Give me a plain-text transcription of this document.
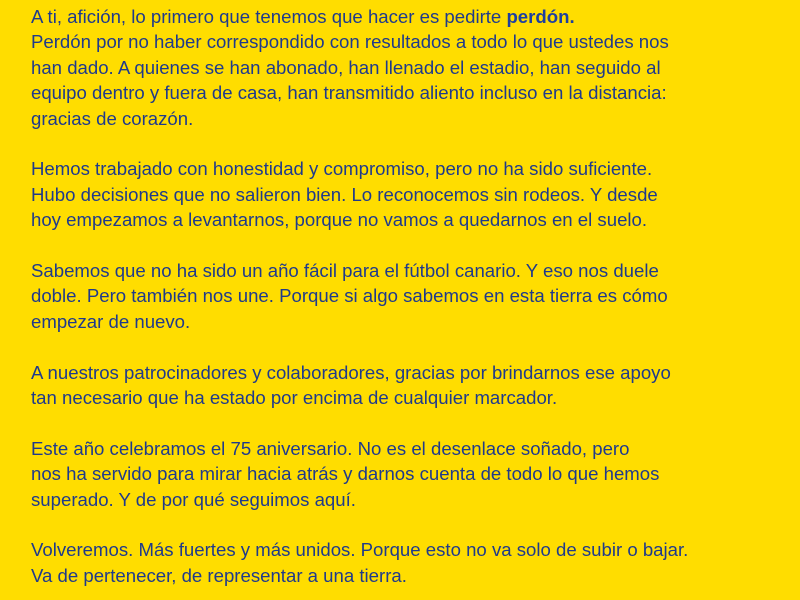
A ti, afición, lo primero que tenemos que hacer es pedirte perdón.
Perdón por no haber correspondido con resultados a todo lo que ustedes nos
han dado. A quienes se han abonado, han llenado el estadio, han seguido al
equipo dentro y fuera de casa, han transmitido aliento incluso en la distancia:
gracias de corazón.
Hemos trabajado con honestidad y compromiso, pero no ha sido suficiente.
Hubo decisiones que no salieron bien. Lo reconocemos sin rodeos. Y desde
hoy empezamos a levantarnos, porque no vamos a quedarnos en el suelo.
Sabemos que no ha sido un año fácil para el fútbol canario. Y eso nos duele
doble. Pero también nos une. Porque si algo sabemos en esta tierra es cómo
empezar de nuevo.
A nuestros patrocinadores y colaboradores, gracias por brindarnos ese apoyo
tan necesario que ha estado por encima de cualquier marcador.
Este año celebramos el 75 aniversario. No es el desenlace soñado, pero
nos ha servido para mirar hacia atrás y darnos cuenta de todo lo que hemos
superado. Y de por qué seguimos aquí.
Volveremos. Más fuertes y más unidos. Porque esto no va solo de subir o bajar.
Va de pertenecer, de representar a una tierra.
